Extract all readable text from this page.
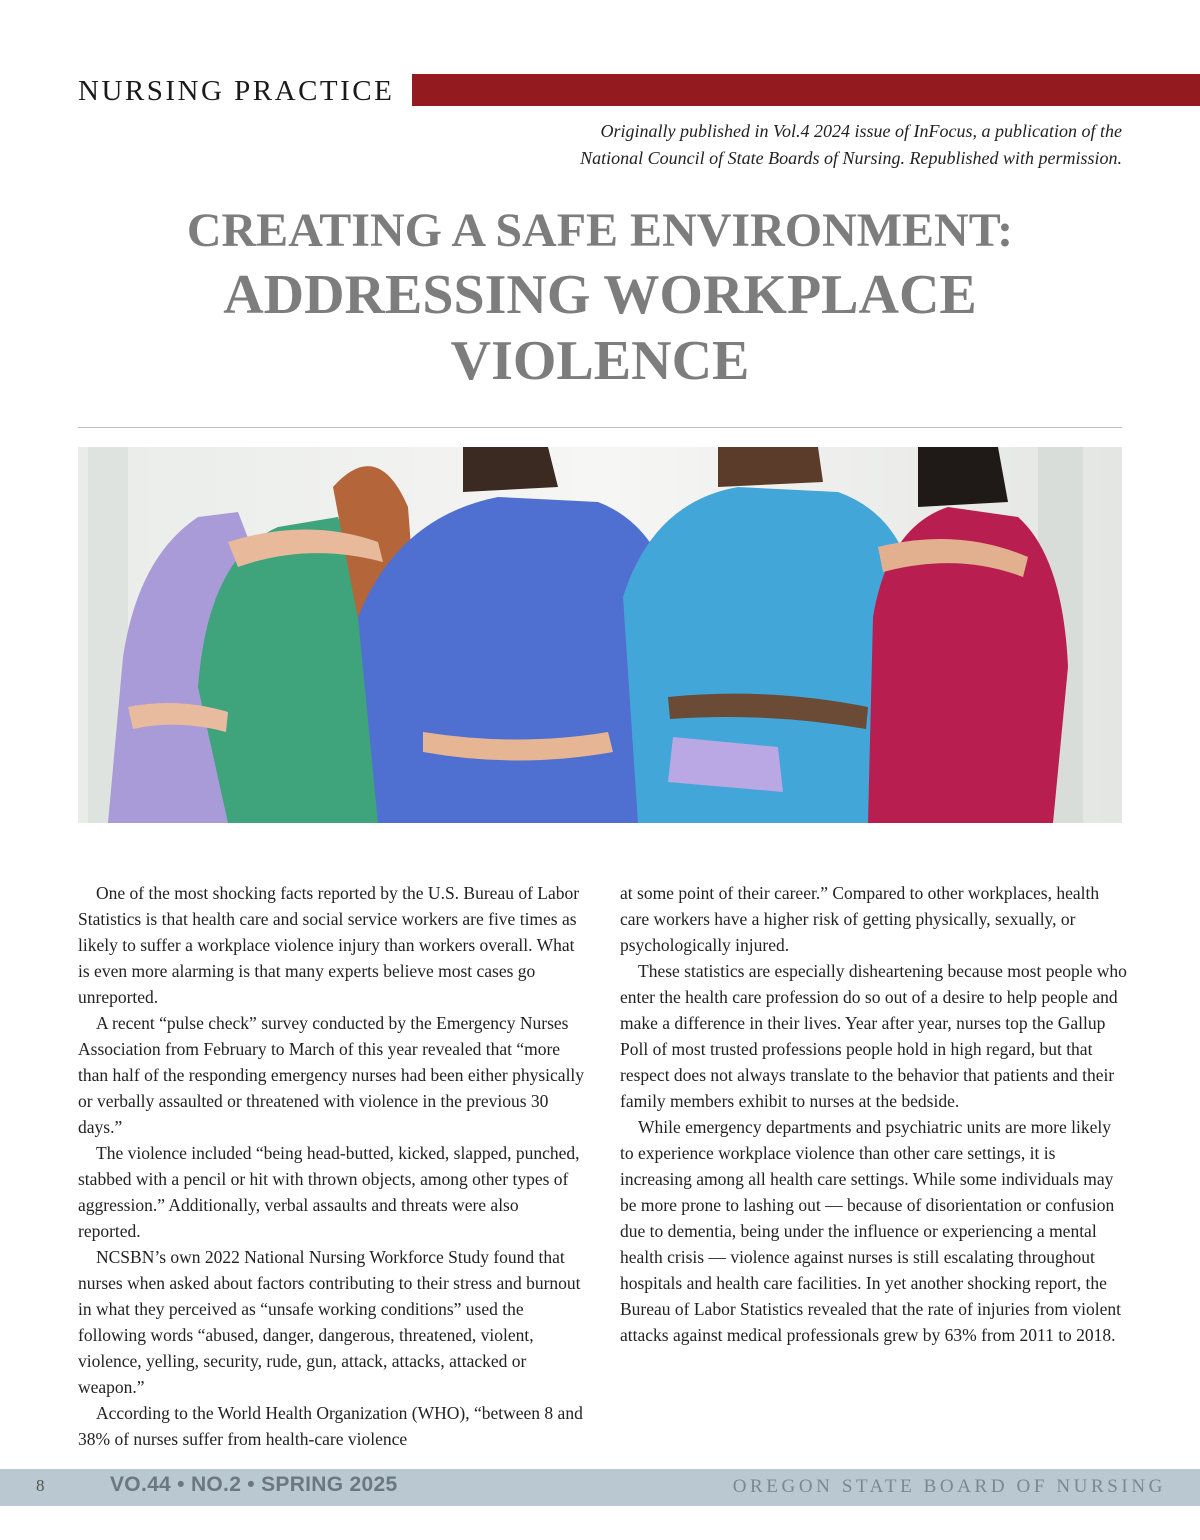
NURSING PRACTICE
Originally published in Vol.4 2024 issue of InFocus, a publication of the
National Council of State Boards of Nursing. Republished with permission.
CREATING A SAFE ENVIRONMENT:
ADDRESSING WORKPLACE
VIOLENCE

One of the most shocking facts reported by the U.S. Bureau of Labor Statistics is that health care and social service workers are five times as likely to suffer a workplace violence injury than workers overall. What is even more alarming is that many experts believe most cases go unreported.

A recent “pulse check” survey conducted by the Emergency Nurses Association from February to March of this year revealed that “more than half of the responding emergency nurses had been either physically or verbally assaulted or threatened with violence in the previous 30 days.”

The violence included “being head-butted, kicked, slapped, punched, stabbed with a pencil or hit with thrown objects, among other types of aggression.” Additionally, verbal assaults and threats were also reported.

NCSBN’s own 2022 National Nursing Workforce Study found that nurses when asked about factors contributing to their stress and burnout in what they perceived as “unsafe working conditions” used the following words “abused, danger, dangerous, threatened, violent, violence, yelling, security, rude, gun, attack, attacks, attacked or weapon.”

According to the World Health Organization (WHO), “between 8 and 38% of nurses suffer from health-care violence

at some point of their career.” Compared to other workplaces, health care workers have a higher risk of getting physically, sexually, or psychologically injured.

These statistics are especially disheartening because most people who enter the health care profession do so out of a desire to help people and make a difference in their lives. Year after year, nurses top the Gallup Poll of most trusted professions people hold in high regard, but that respect does not always translate to the behavior that patients and their family members exhibit to nurses at the bedside.

While emergency departments and psychiatric units are more likely to experience workplace violence than other care settings, it is increasing among all health care settings. While some individuals may be more prone to lashing out — because of disorientation or confusion due to dementia, being under the influence or experiencing a mental health crisis — violence against nurses is still escalating throughout hospitals and health care facilities. In yet another shocking report, the Bureau of Labor Statistics revealed that the rate of injuries from violent attacks against medical professionals grew by 63% from 2011 to 2018.

8	VO.44 • NO.2 • SPRING 2025	OREGON STATE BOARD OF NURSING
